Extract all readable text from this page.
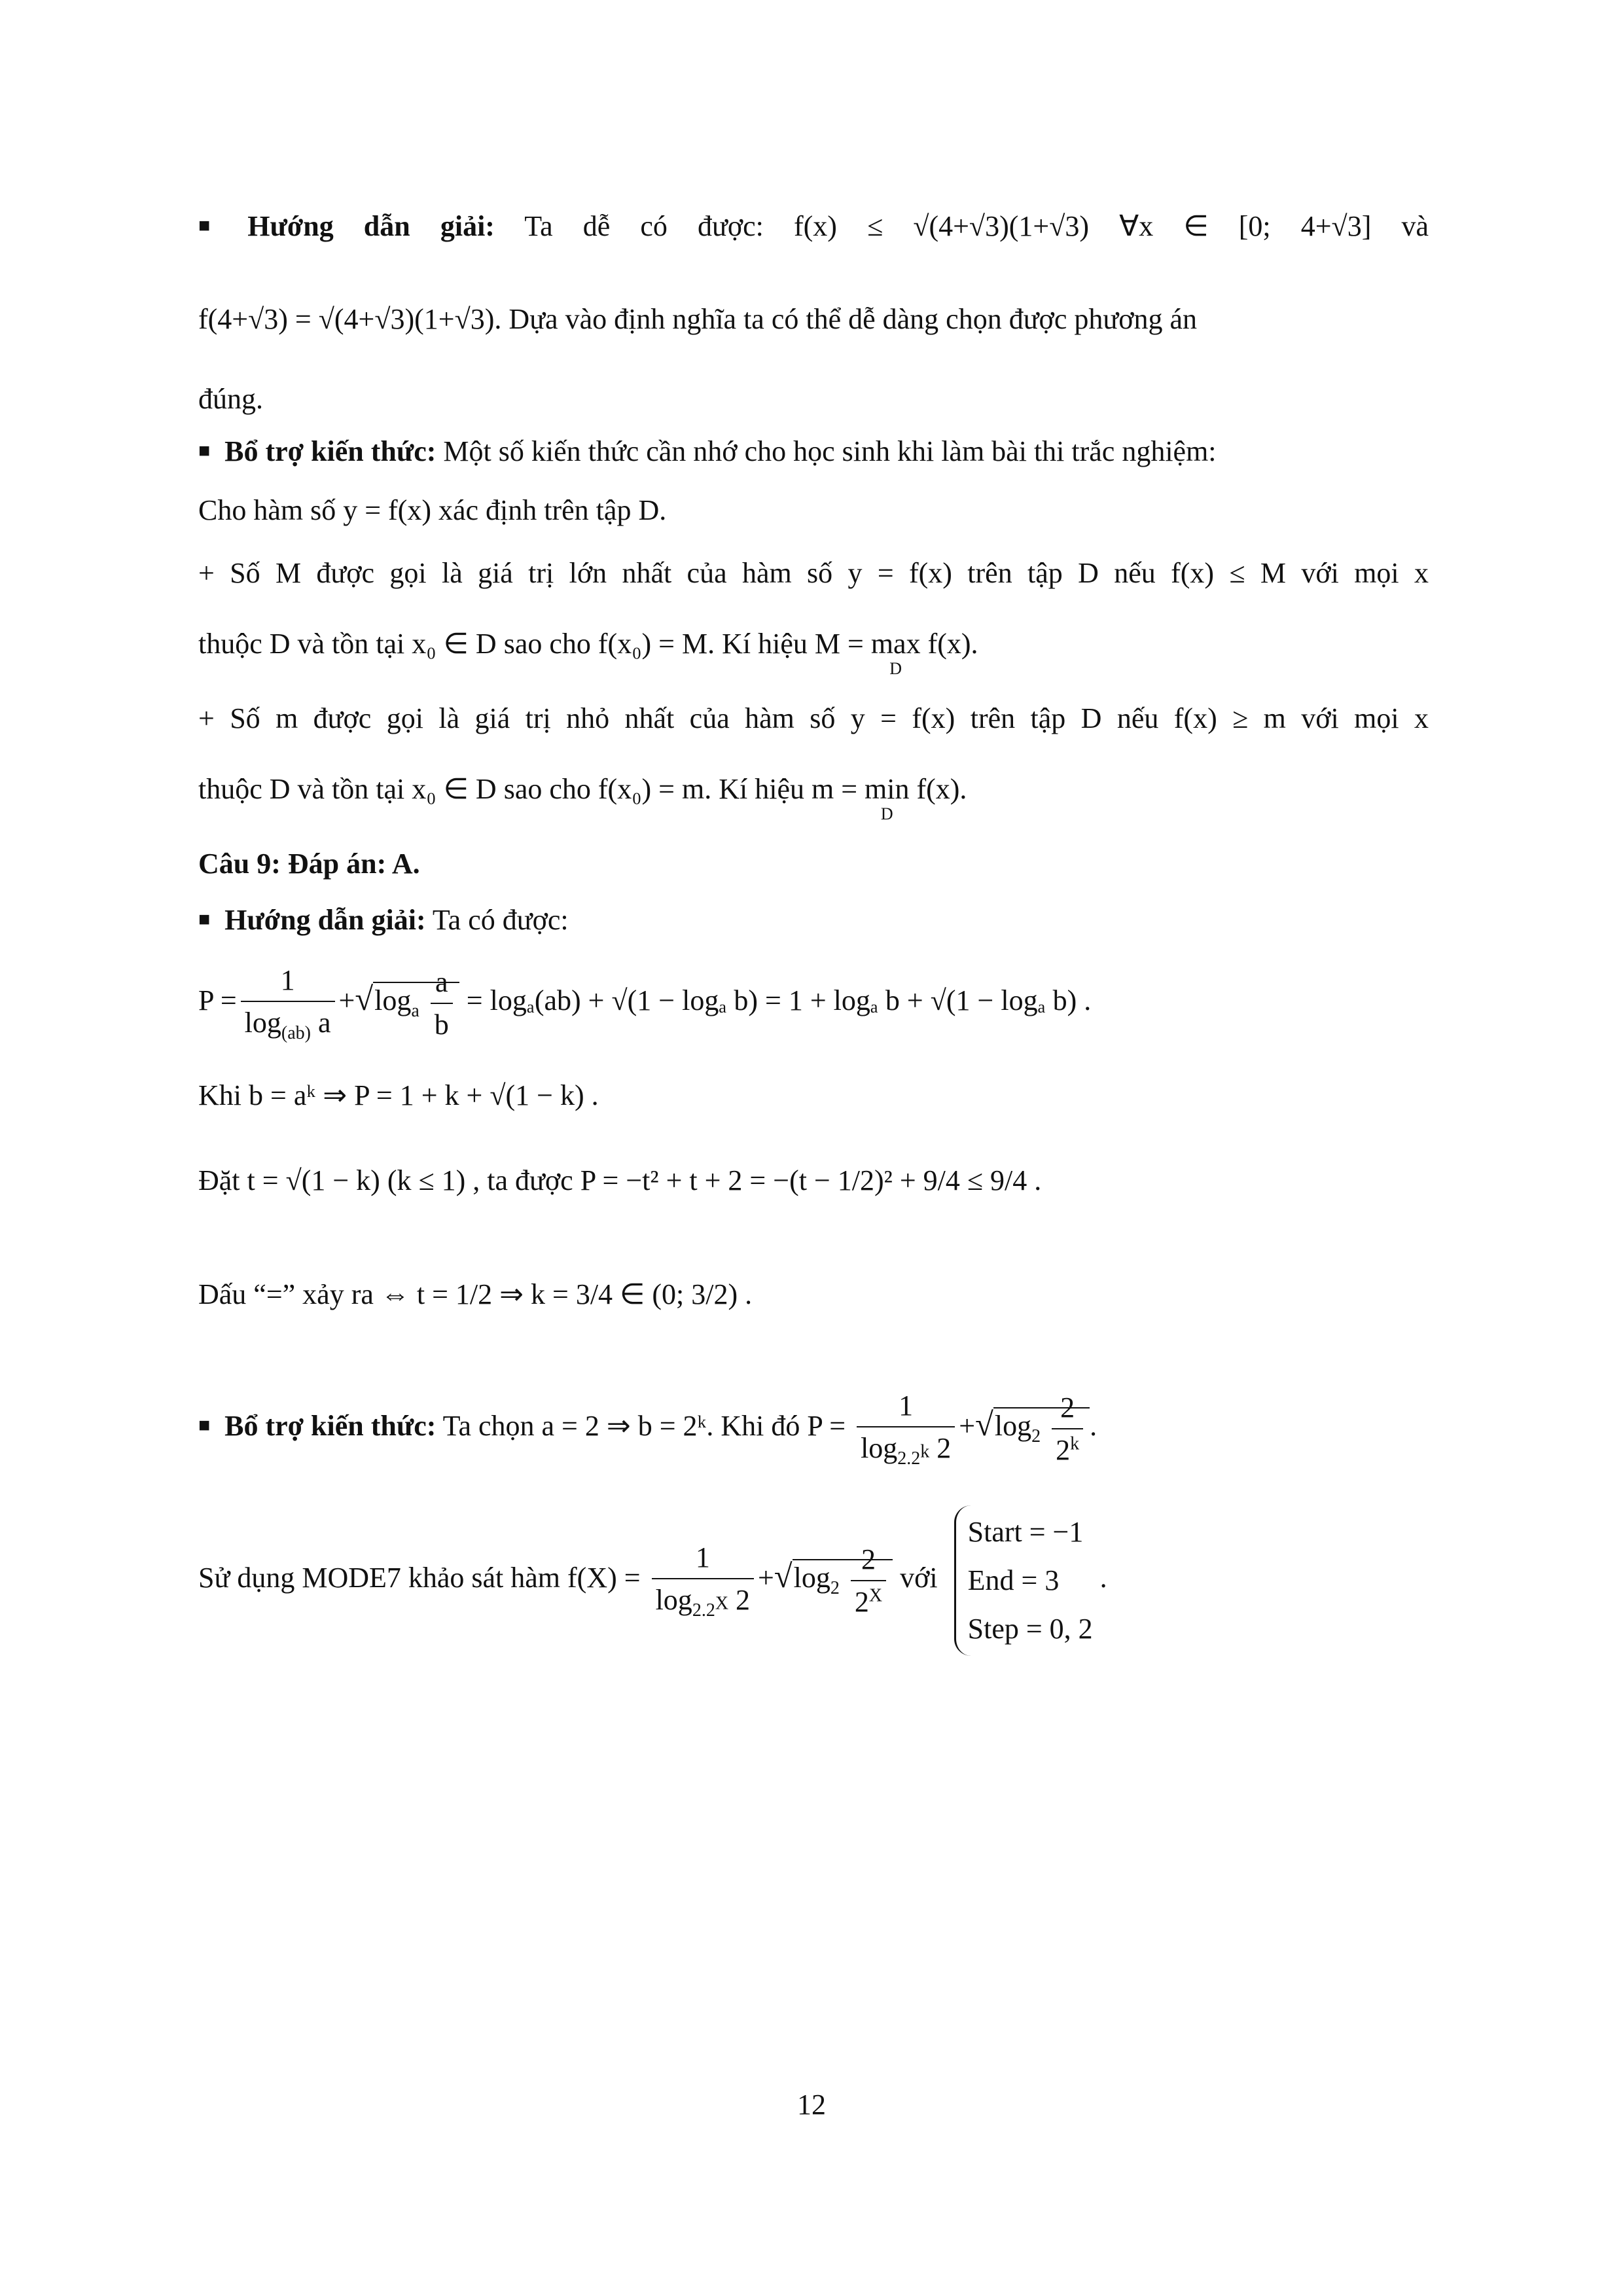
■ Hướng dẫn giải: Ta dễ có được: f(x) ≤ √(4+√3)(1+√3) ∀x ∈ [0; 4+√3] và
f(4+√3) = √(4+√3)(1+√3). Dựa vào định nghĩa ta có thể dễ dàng chọn được phương án
đúng.
■ Bổ trợ kiến thức: Một số kiến thức cần nhớ cho học sinh khi làm bài thi trắc nghiệm:
Cho hàm số y = f(x) xác định trên tập D.
+ Số M được gọi là giá trị lớn nhất của hàm số y = f(x) trên tập D nếu f(x) ≤ M với mọi x
thuộc D và tồn tại x₀ ∈ D sao cho f(x₀) = M. Kí hiệu M = max
D
f(x).
+ Số m được gọi là giá trị nhỏ nhất của hàm số y = f(x) trên tập D nếu f(x) ≥ m với mọi x
thuộc D và tồn tại x₀ ∈ D sao cho f(x₀) = m. Kí hiệu m = min
D
f(x).
Câu 9: Đáp án: A.
■ Hướng dẫn giải: Ta có được:
$P = \frac{1}{\log_{(ab)} a} +√\log_a \frac{a}{b} = \log_a(ab) + √(1 - \log_a$ b) = 1 + logₐ b + √(1 − logₐ b) .
Khi b = aᵏ ⇒ P = 1 + k + √(1 − k) .
Đặt t = √(1 − k) (k ≤ 1) , ta được P = −t² + t + 2 = −(t − 1/2)² + 9/4 ≤ 9/4 .
Dấu “=” xảy ra ⇔ t = 1/2 ⇒ k = 3/4 ∈ (0; 3/2) .
■ Bổ trợ kiến thức: Ta chọn a = 2 ⇒ b = 2ᵏ. Khi đó $P = \frac{1}{\log_{2.2^k} 2} +√\log_2 \frac{2}{2^k}$ .
Sử dụng MODE7 khảo sát hàm $f(X) = \frac{1}{\log_{2.2^X} 2} +√\log_2 \frac{2}{2^X}$ với
Start = −1
End = 3
Step = 0, 2
.
12
